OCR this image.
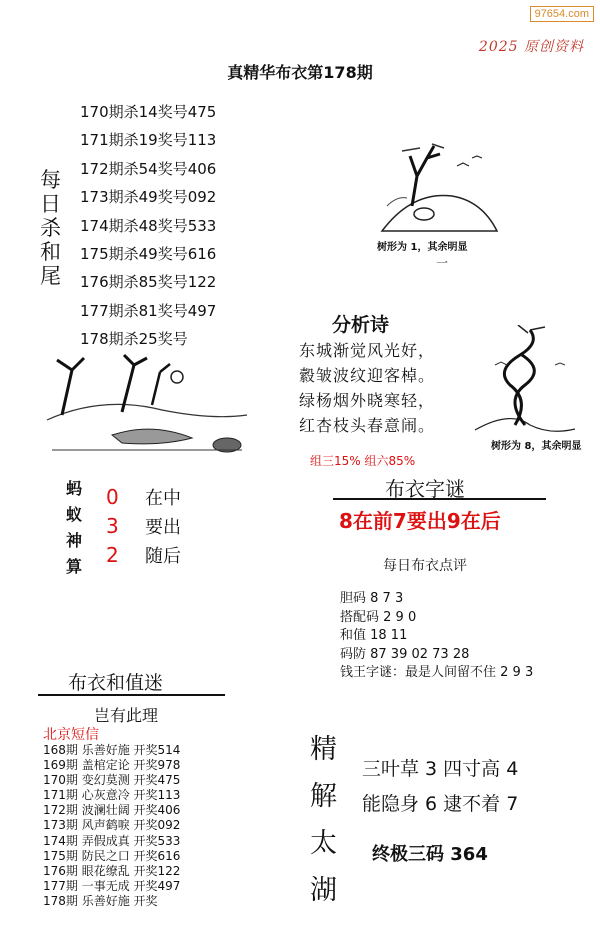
97654.com
2025 原创资料
真精华布衣第178期
每
日
杀
和
尾
170期杀14奖号475
171期杀19奖号113
172期杀54奖号406
173期杀49奖号092
174期杀48奖号533
175期杀49奖号616
176期杀85奖号122
177期杀81奖号497
178期杀25奖号
树形为 1，其余明显
一
蚂
蚁
神
算
0
3
2
在中
要出
随后
分析诗
东城渐觉风光好，
縠皱波纹迎客棹。
绿杨烟外晓寒轻，
红杏枝头春意闹。
树形为 8，其余明显
组三15% 组六85%
布衣字谜
8在前7要出9在后
每日布衣点评
胆码 8 7 3
搭配码 2 9 0
和值 18 11
码防 87 39 02 73 28
钱王字谜：最是人间留不住 2 9 3
布衣和值迷
岂有此理
北京短信
168期 乐善好施 开奖514
169期 盖棺定论 开奖978
170期 变幻莫测 开奖475
171期 心灰意冷 开奖113
172期 波澜壮阔 开奖406
173期 风声鹤唳 开奖092
174期 弄假成真 开奖533
175期 防民之口 开奖616
176期 眼花缭乱 开奖122
177期 一事无成 开奖497
178期 乐善好施 开奖
精
解
太
湖
三叶草 3 四寸高 4
能隐身 6 逮不着 7
终极三码 364
